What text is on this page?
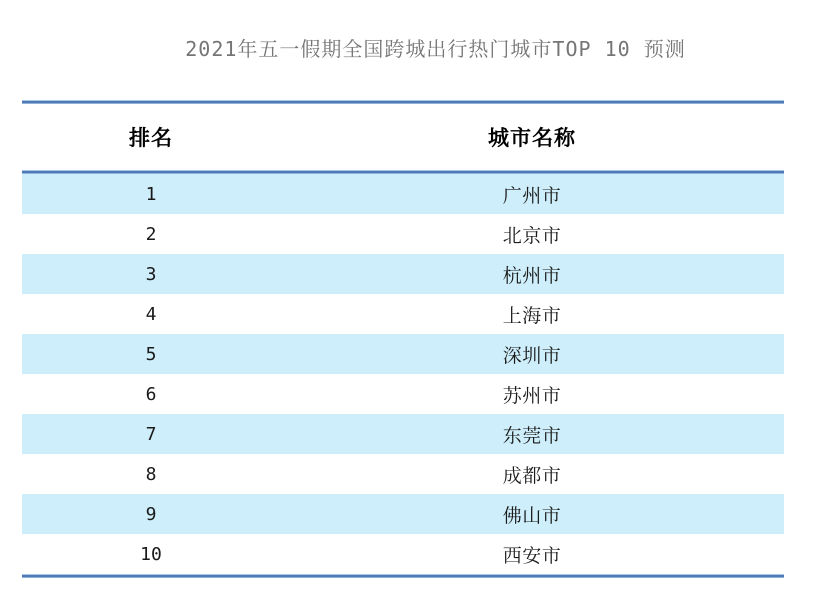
2021年五一假期全国跨城出行热门城市TOP 10 预测
排名	城市名称
1	广州市
2	北京市
3	杭州市
4	上海市
5	深圳市
6	苏州市
7	东莞市
8	成都市
9	佛山市
10	西安市
